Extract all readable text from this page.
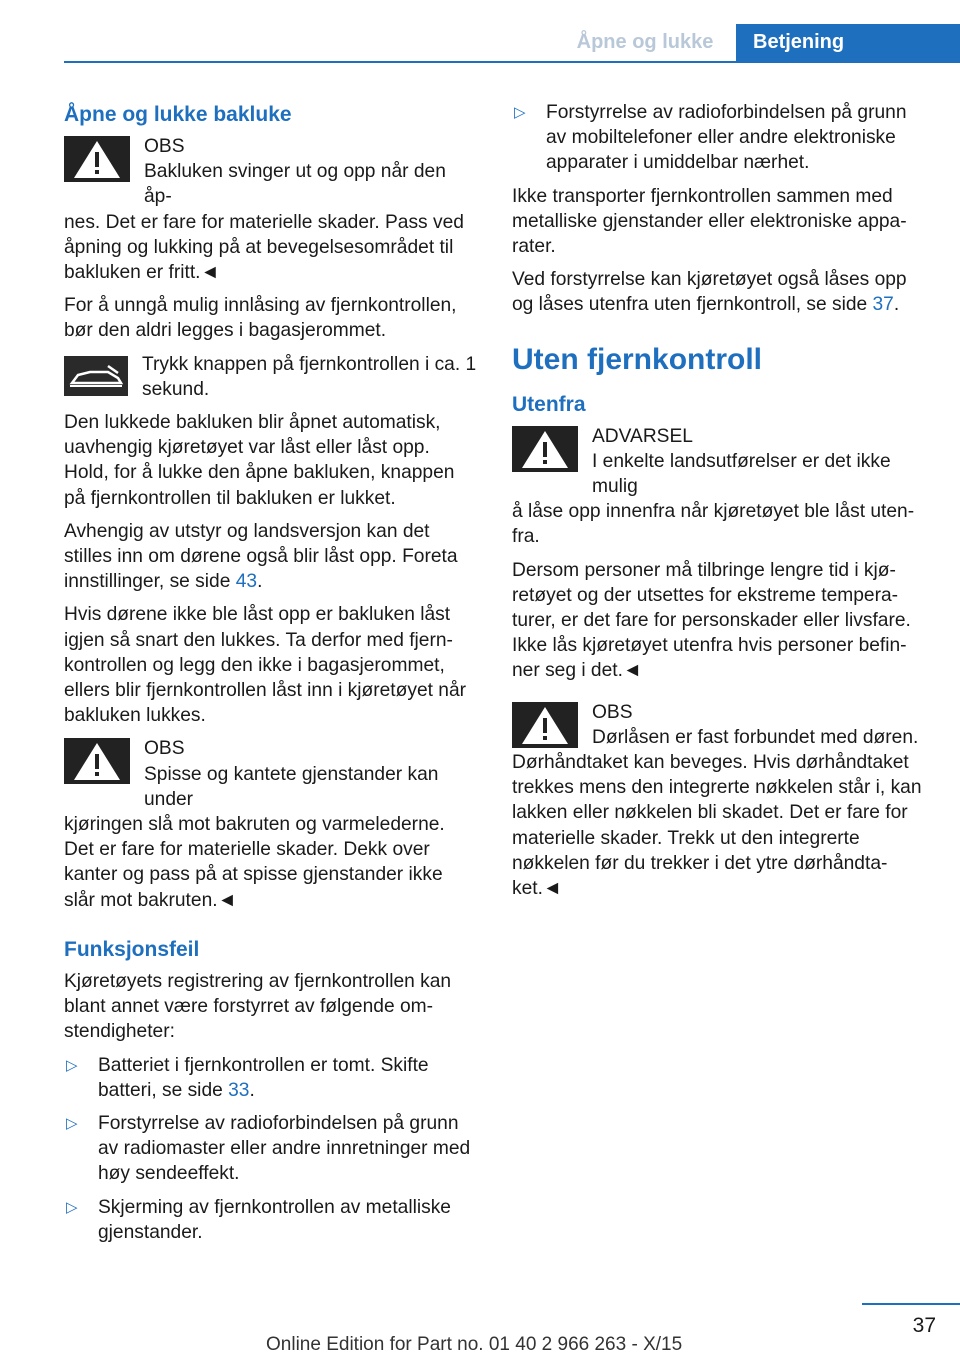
Åpne og lukke	Betjening
Åpne og lukke bakluke
OBS
Bakluken svinger ut og opp når den åp-
nes. Det er fare for materielle skader. Pass ved åpning og lukking på at bevegelsesområdet til bakluken er fritt.◄

For å unngå mulig innlåsing av fjernkontrollen, bør den aldri legges i bagasjerommet.

Trykk knappen på fjernkontrollen i ca. 1 sekund.

Den lukkede bakluken blir åpnet automatisk, uavhengig kjøretøyet var låst eller låst opp. Hold, for å lukke den åpne bakluken, knappen på fjernkontrollen til bakluken er lukket.

Avhengig av utstyr og landsversjon kan det stilles inn om dørene også blir låst opp. Foreta innstillinger, se side 43.

Hvis dørene ikke ble låst opp er bakluken låst igjen så snart den lukkes. Ta derfor med fjern-kontrollen og legg den ikke i bagasjerommet, ellers blir fjernkontrollen låst inn i kjøretøyet når bakluken lukkes.

OBS
Spisse og kantete gjenstander kan under
kjøringen slå mot bakruten og varmelederne. Det er fare for materielle skader. Dekk over kanter og pass på at spisse gjenstander ikke slår mot bakruten.◄
Funksjonsfeil

Kjøretøyets registrering av fjernkontrollen kan blant annet være forstyrret av følgende om-stendigheter:

▷ Batteriet i fjernkontrollen er tomt. Skifte batteri, se side 33.
▷ Forstyrrelse av radioforbindelsen på grunn av radiomaster eller andre innretninger med høy sendeeffekt.
▷ Skjerming av fjernkontrollen av metalliske gjenstander.
▷ Forstyrrelse av radioforbindelsen på grunn av mobiltelefoner eller andre elektroniske apparater i umiddelbar nærhet.

Ikke transporter fjernkontrollen sammen med metalliske gjenstander eller elektroniske appa-rater.

Ved forstyrrelse kan kjøretøyet også låses opp og låses utenfra uten fjernkontroll, se side 37.

Uten fjernkontroll
Utenfra
ADVARSEL
I enkelte landsutførelser er det ikke mulig
å låse opp innenfra når kjøretøyet ble låst uten-fra.

Dersom personer må tilbringe lengre tid i kjø-retøyet og der utsettes for ekstreme tempera-turer, er det fare for personskader eller livsfare. Ikke lås kjøretøyet utenfra hvis personer befin-ner seg i det.◄

OBS
Dørlåsen er fast forbundet med døren.
Dørhåndtaket kan beveges. Hvis dørhåndtaket trekkes mens den integrerte nøkkelen står i, kan lakken eller nøkkelen bli skadet. Det er fare for materielle skader. Trekk ut den integrerte nøkkelen før du trekker i det ytre dørhåndta-ket.◄
37
Online Edition for Part no. 01 40 2 966 263 - X/15
